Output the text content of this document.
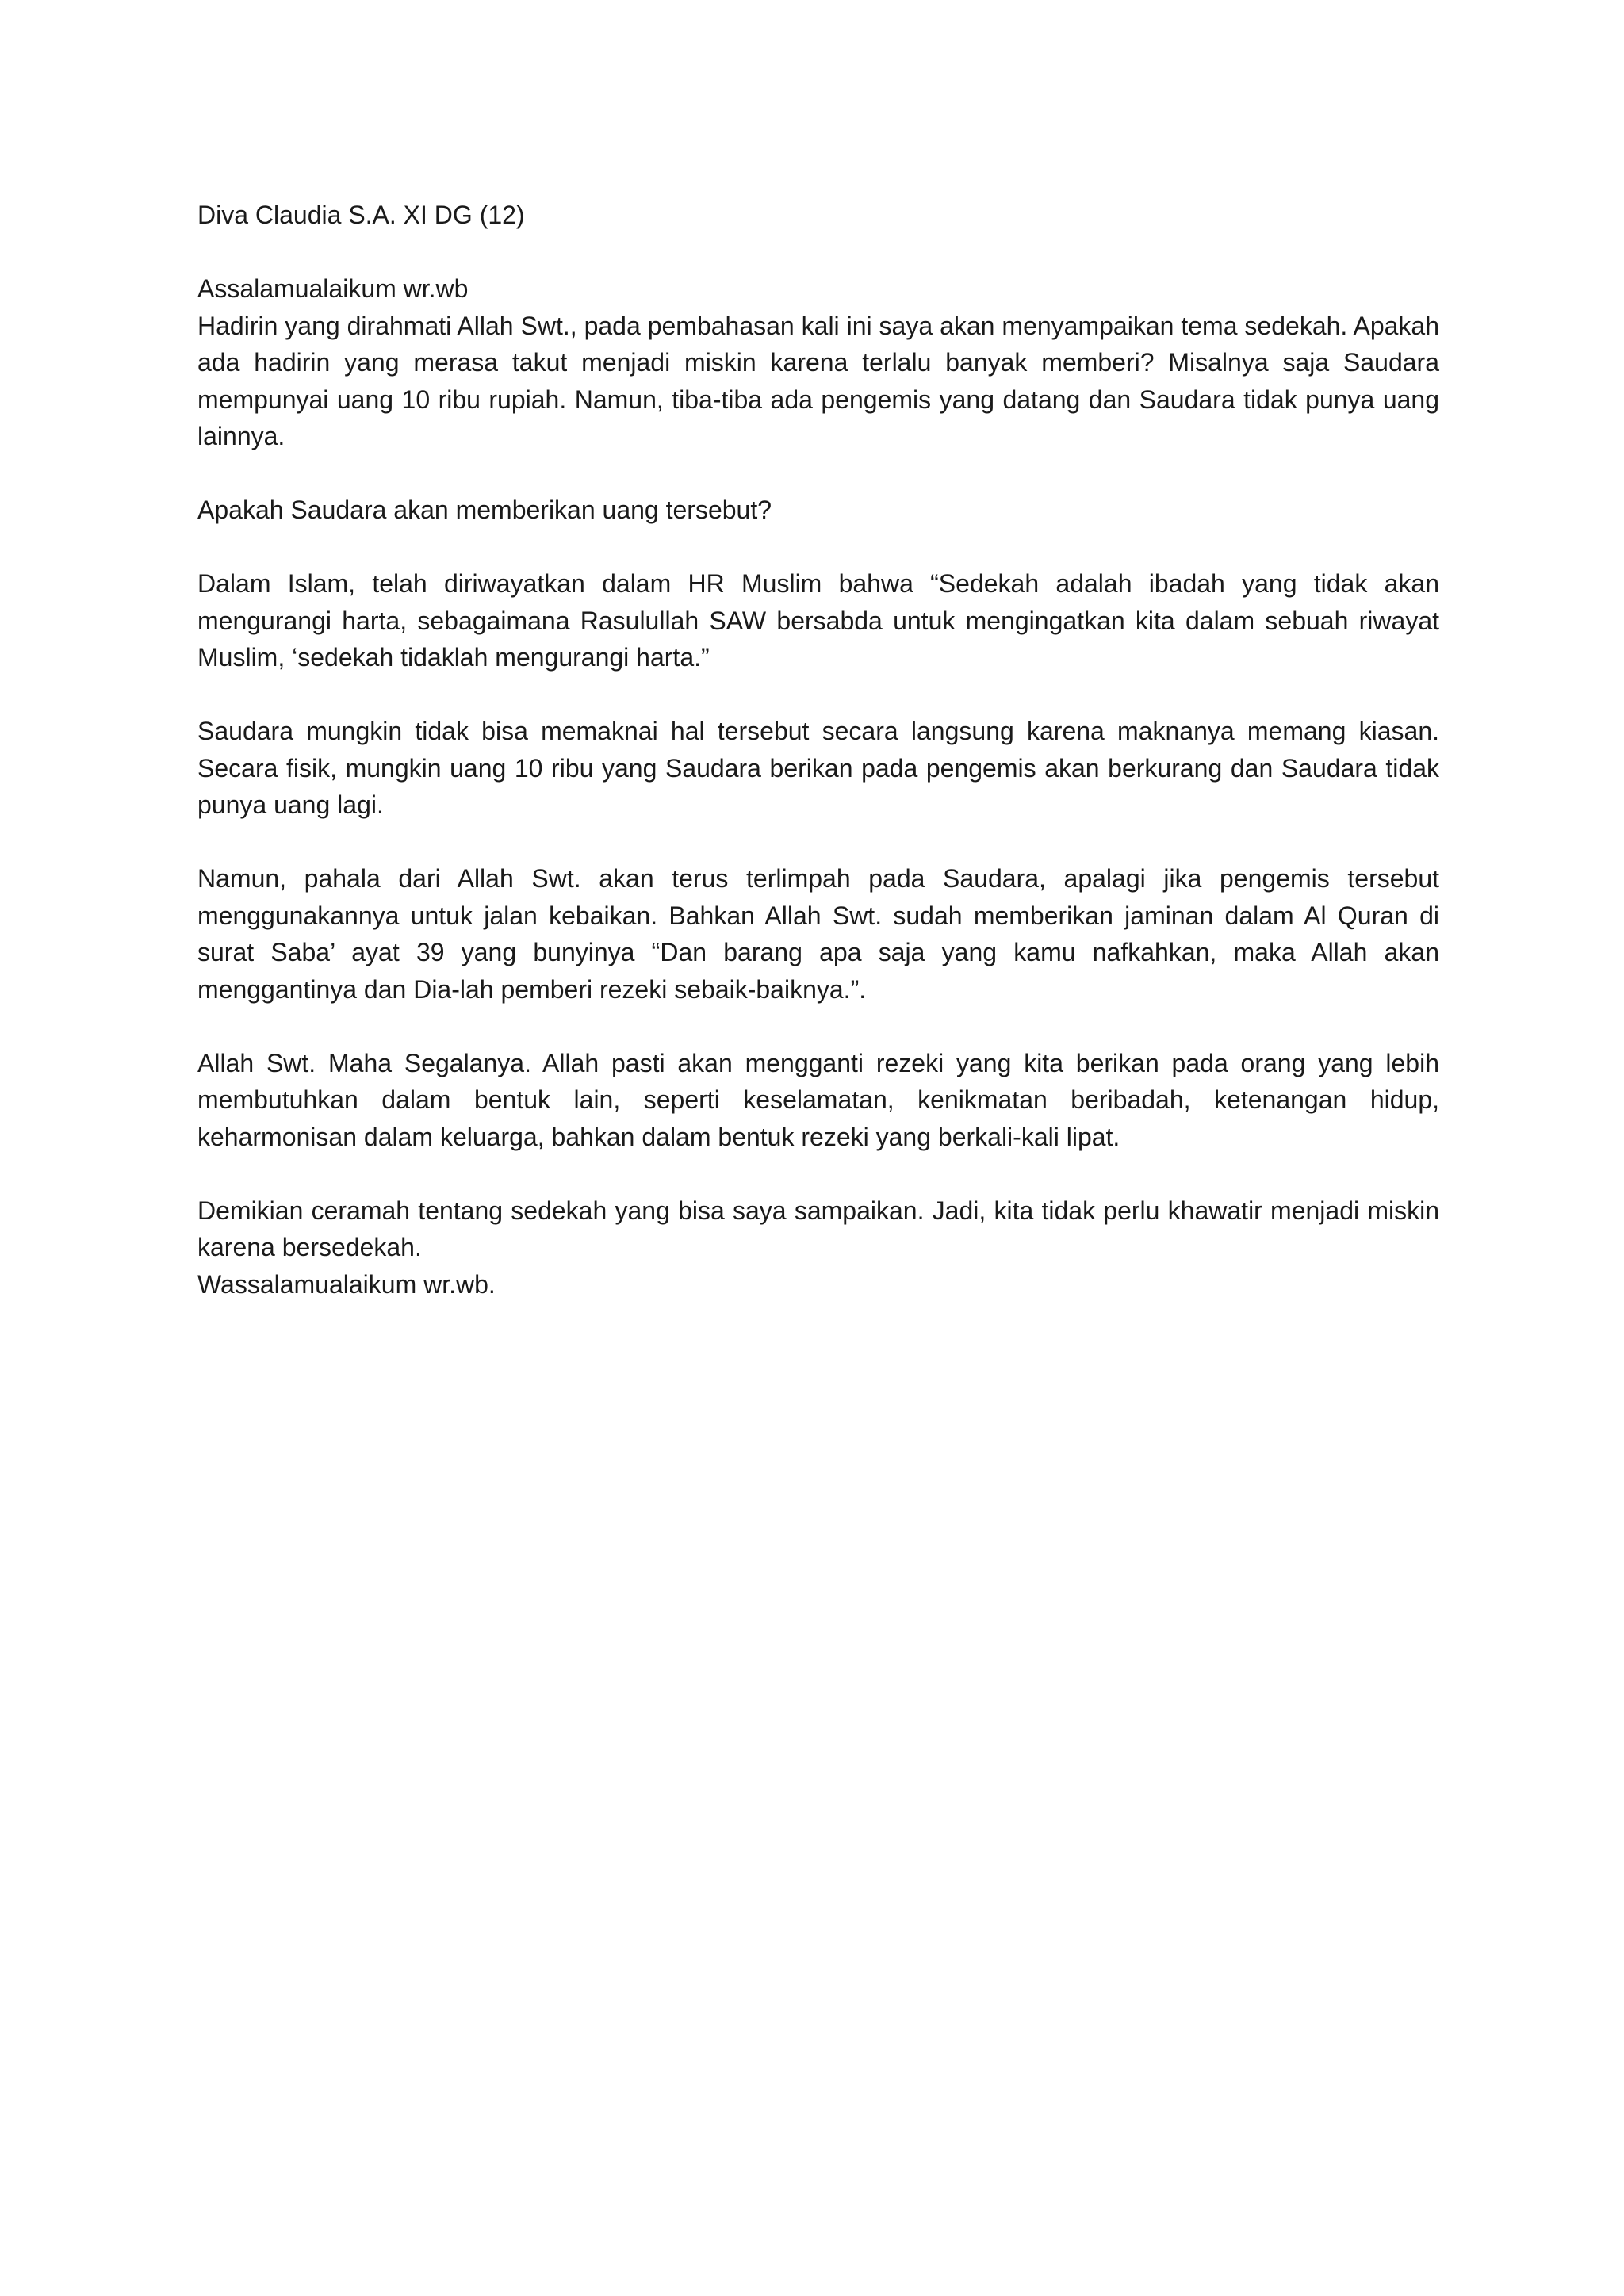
Diva Claudia S.A. XI DG (12)

Assalamualaikum wr.wb

Hadirin yang dirahmati Allah Swt., pada pembahasan kali ini saya akan menyampaikan tema sedekah. Apakah ada hadirin yang merasa takut menjadi miskin karena terlalu banyak memberi? Misalnya saja Saudara mempunyai uang 10 ribu rupiah. Namun, tiba-tiba ada pengemis yang datang dan Saudara tidak punya uang lainnya.

Apakah Saudara akan memberikan uang tersebut?

Dalam Islam, telah diriwayatkan dalam HR Muslim bahwa “Sedekah adalah ibadah yang tidak akan mengurangi harta, sebagaimana Rasulullah SAW bersabda untuk mengingatkan kita dalam sebuah riwayat Muslim, ‘sedekah tidaklah mengurangi harta.”

Saudara mungkin tidak bisa memaknai hal tersebut secara langsung karena maknanya memang kiasan. Secara fisik, mungkin uang 10 ribu yang Saudara berikan pada pengemis akan berkurang dan Saudara tidak punya uang lagi.

Namun, pahala dari Allah Swt. akan terus terlimpah pada Saudara, apalagi jika pengemis tersebut menggunakannya untuk jalan kebaikan. Bahkan Allah Swt. sudah memberikan jaminan dalam Al Quran di surat Saba’ ayat 39 yang bunyinya “Dan barang apa saja yang kamu nafkahkan, maka Allah akan menggantinya dan Dia-lah pemberi rezeki sebaik-baiknya.”.

Allah Swt. Maha Segalanya. Allah pasti akan mengganti rezeki yang kita berikan pada orang yang lebih membutuhkan dalam bentuk lain, seperti keselamatan, kenikmatan beribadah, ketenangan hidup, keharmonisan dalam keluarga, bahkan dalam bentuk rezeki yang berkali-kali lipat.

Demikian ceramah tentang sedekah yang bisa saya sampaikan. Jadi, kita tidak perlu khawatir menjadi miskin karena bersedekah.

Wassalamualaikum wr.wb.
